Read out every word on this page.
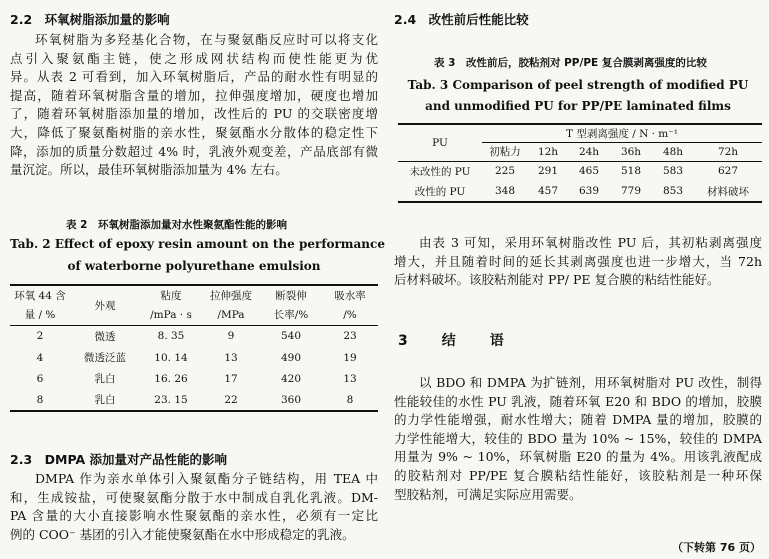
2.2　环氧树脂添加量的影响
环氧树脂为多羟基化合物，在与聚氨酯反应时可以将支化
点引入聚氨酯主链，使之形成网状结构而使性能更为优
异。从表 2 可看到，加入环氧树脂后，产品的耐水性有明显的
提高，随着环氧树脂含量的增加，拉伸强度增加，硬度也增加
了，随着环氧树脂添加量的增加，改性后的 PU 的交联密度增
大，降低了聚氨酯树脂的亲水性，聚氨酯水分散体的稳定性下
降，添加的质量分数超过 4% 时，乳液外观变差，产品底部有微
量沉淀。所以，最佳环氧树脂添加量为 4% 左右。
表 2　环氧树脂添加量对水性聚氨酯性能的影响
Tab. 2 Effect of epoxy resin amount on the performance
of waterborne polyurethane emulsion
环氧 44 含	外观	粘度	拉伸强度	断裂伸	吸水率
量 / %		/mPa · s	/MPa	长率/%	/%
2	微透	8. 35	9	540	23
4	微透泛蓝	10. 14	13	490	19
6	乳白	16. 26	17	420	13
8	乳白	23. 15	22	360	8
2.3　DMPA 添加量对产品性能的影响
DMPA 作为亲水单体引入聚氨酯分子链结构，用 TEA 中
和，生成铵盐，可使聚氨酯分散于水中制成自乳化乳液。DM-
PA 含量的大小直接影响水性聚氨酯的亲水性，必须有一定比
例的 COO⁻ 基团的引入才能使聚氨酯在水中形成稳定的乳液。
2.4　改性前后性能比较
表 3　改性前后，胶粘剂对 PP/PE 复合膜剥离强度的比较
Tab. 3 Comparison of peel strength of modified PU
and unmodified PU for PP/PE laminated films
PU	T 型剥离强度 / N · m⁻¹					
	初粘力	12h	24h	36h	48h	72h
未改性的 PU	225	291	465	518	583	627
改性的 PU	348	457	639	779	853	材料破坏
由表 3 可知，采用环氧树脂改性 PU 后，其初粘剥离强度
增大，并且随着时间的延长其剥离强度也进一步增大，当 72h
后材料破坏。该胶粘剂能对 PP/ PE 复合膜的粘结性能好。
3　结　语
以 BDO 和 DMPA 为扩链剂，用环氧树脂对 PU 改性，制得
性能较佳的水性 PU 乳液，随着环氧 E20 和 BDO 的增加，胶膜
的力学性能增强，耐水性增大；随着 DMPA 量的增加，胶膜的
力学性能增大，较佳的 BDO 量为 10% ~ 15%，较佳的 DMPA
用量为 9% ~ 10%，环氧树脂 E20 的量为 4%。用该乳液配成
的胶粘剂对 PP/PE 复合膜粘结性能好，该胶粘剂是一种环保
型胶粘剂，可满足实际应用需要。
（下转第 76 页）
